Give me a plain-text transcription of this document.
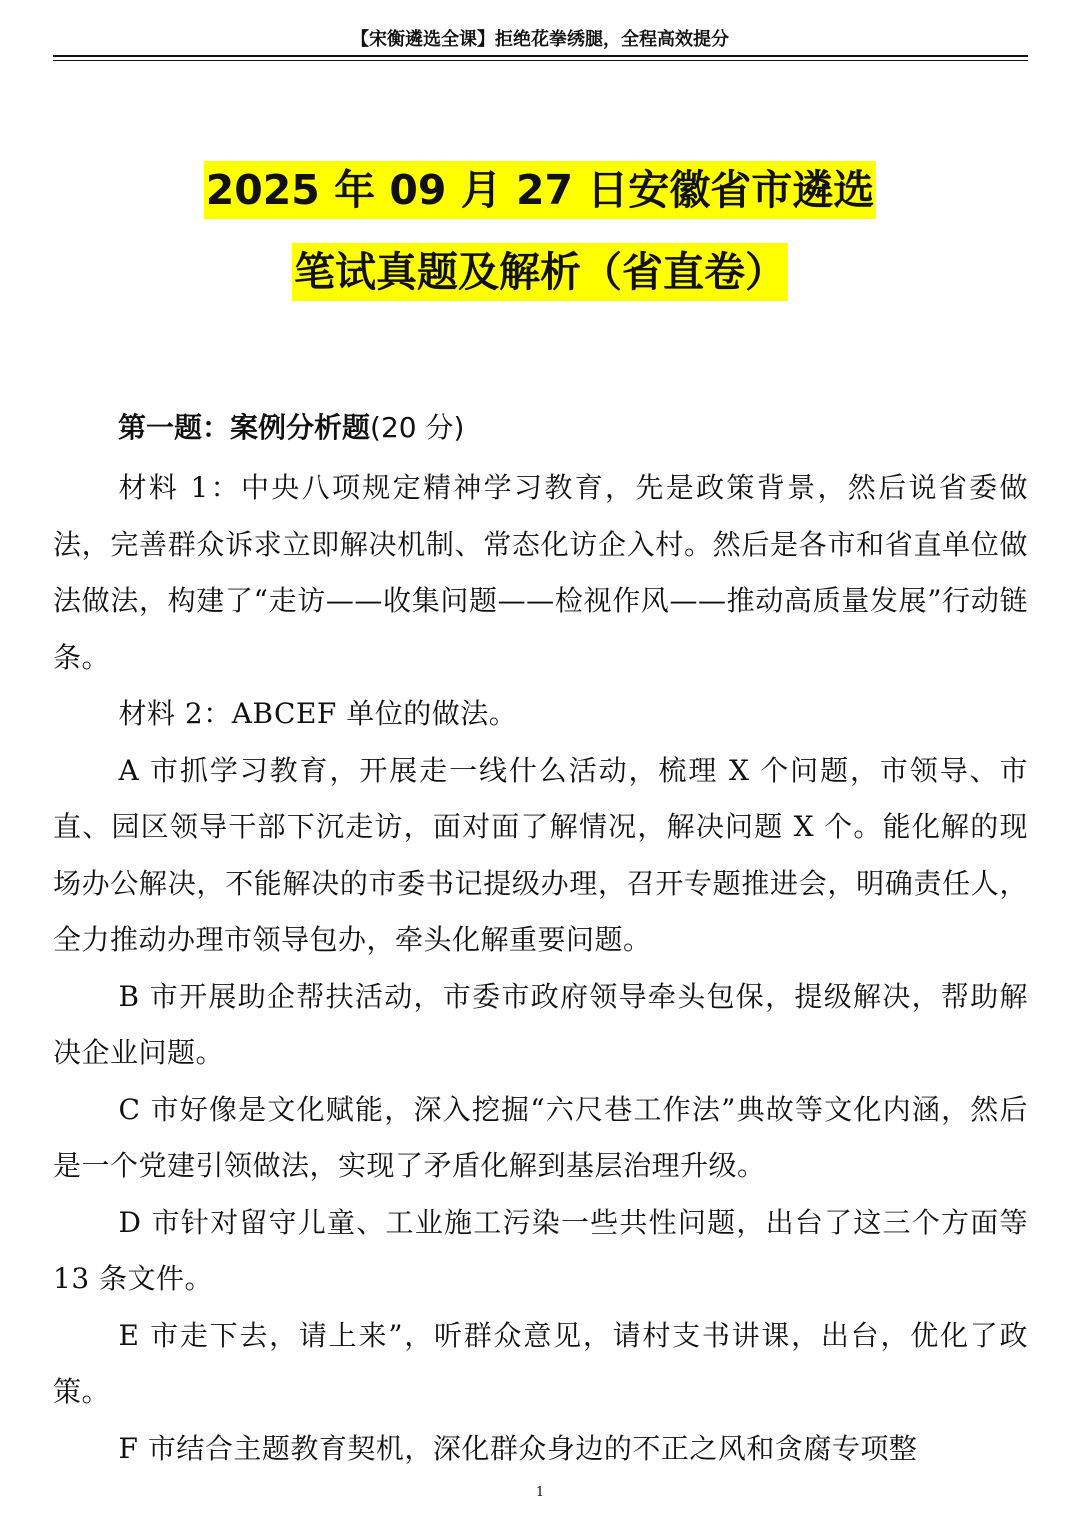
【宋衡遴选全课】拒绝花拳绣腿，全程高效提分
2025 年 09 月 27 日安徽省市遴选
笔试真题及解析（省直卷）
第一题：案例分析题(20 分)

材料 1：中央八项规定精神学习教育，先是政策背景，然后说省委做法，完善群众诉求立即解决机制、常态化访企入村。然后是各市和省直单位做法做法，构建了“走访——收集问题——检视作风——推动高质量发展”行动链条。

材料 2：ABCEF 单位的做法。

A 市抓学习教育，开展走一线什么活动，梳理 X 个问题，市领导、市直、园区领导干部下沉走访，面对面了解情况，解决问题 X 个。能化解的现场办公解决，不能解决的市委书记提级办理，召开专题推进会，明确责任人，全力推动办理市领导包办，牵头化解重要问题。

B 市开展助企帮扶活动，市委市政府领导牵头包保，提级解决，帮助解决企业问题。

C 市好像是文化赋能，深入挖掘“六尺巷工作法”典故等文化内涵，然后是一个党建引领做法，实现了矛盾化解到基层治理升级。

D 市针对留守儿童、工业施工污染一些共性问题，出台了这三个方面等 13 条文件。

E 市走下去，请上来”，听群众意见，请村支书讲课，出台，优化了政策。

F 市结合主题教育契机，深化群众身边的不正之风和贪腐专项整

1
